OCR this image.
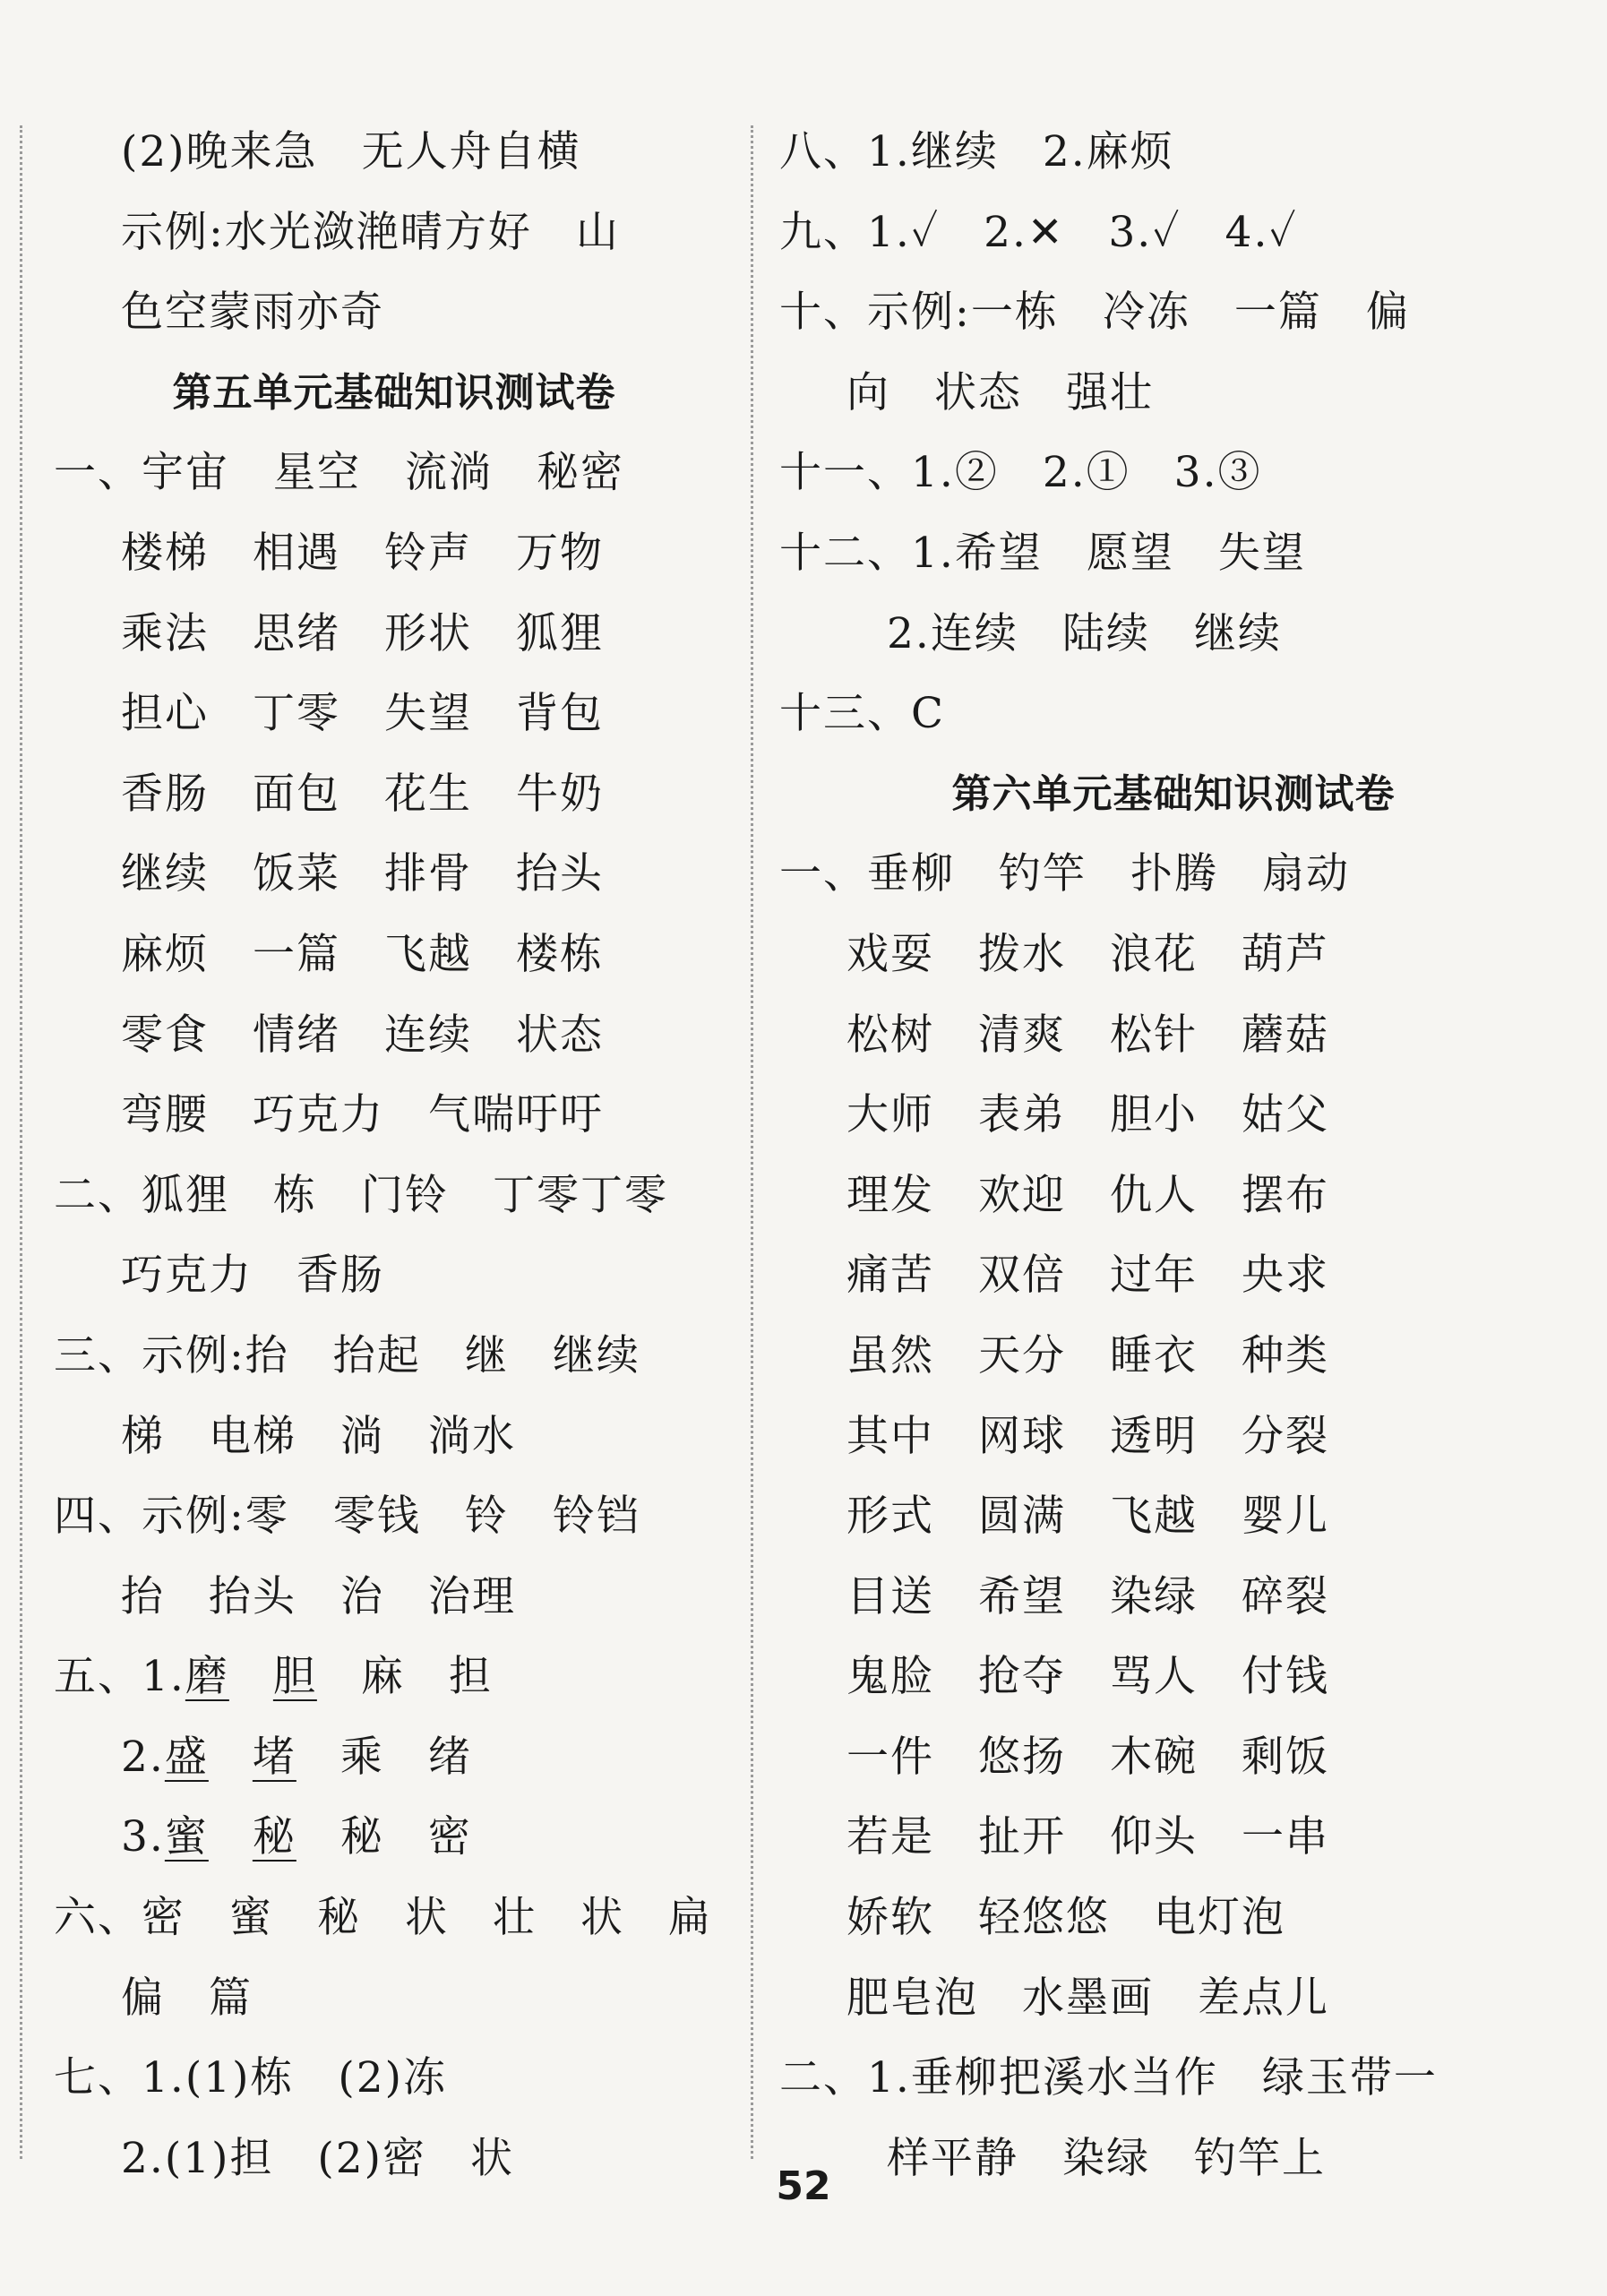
(2)晚来急　无人舟自横
示例:水光潋滟晴方好　山
色空蒙雨亦奇
第五单元基础知识测试卷
一、宇宙　星空　流淌　秘密
楼梯　相遇　铃声　万物
乘法　思绪　形状　狐狸
担心　丁零　失望　背包
香肠　面包　花生　牛奶
继续　饭菜　排骨　抬头
麻烦　一篇　飞越　楼栋
零食　情绪　连续　状态
弯腰　巧克力　气喘吁吁
二、狐狸　栋　门铃　丁零丁零
巧克力　香肠
三、示例:抬　抬起　继　继续
梯　电梯　淌　淌水
四、示例:零　零钱　铃　铃铛
抬　抬头　治　治理
五、1.磨　 胆　 麻　 担
2.盛　 堵　 乘　 绪
3.蜜　 秘　 秘　 密
六、密　蜜　秘　状　壮　状　扁
偏　篇
七、1.(1)栋　(2)冻
2.(1)担　(2)密　状
八、1.继续　2.麻烦
九、1.✓　2.✕　3.✓　4.✓
十、示例:一栋　冷冻　一篇　偏
向　状态　强壮
十一、1.②　2.①　3.③
十二、1.希望　愿望　失望
2.连续　陆续　继续
十三、C
第六单元基础知识测试卷
一、垂柳　钓竿　扑腾　扇动
戏耍　拨水　浪花　葫芦
松树　清爽　松针　蘑菇
大师　表弟　胆小　姑父
理发　欢迎　仇人　摆布
痛苦　双倍　过年　央求
虽然　天分　睡衣　种类
其中　网球　透明　分裂
形式　圆满　飞越　婴儿
目送　希望　染绿　碎裂
鬼脸　抢夺　骂人　付钱
一件　悠扬　木碗　剩饭
若是　扯开　仰头　一串
娇软　轻悠悠　电灯泡
肥皂泡　水墨画　差点儿
二、1.垂柳把溪水当作　绿玉带一
样平静　染绿　钓竿上
52
